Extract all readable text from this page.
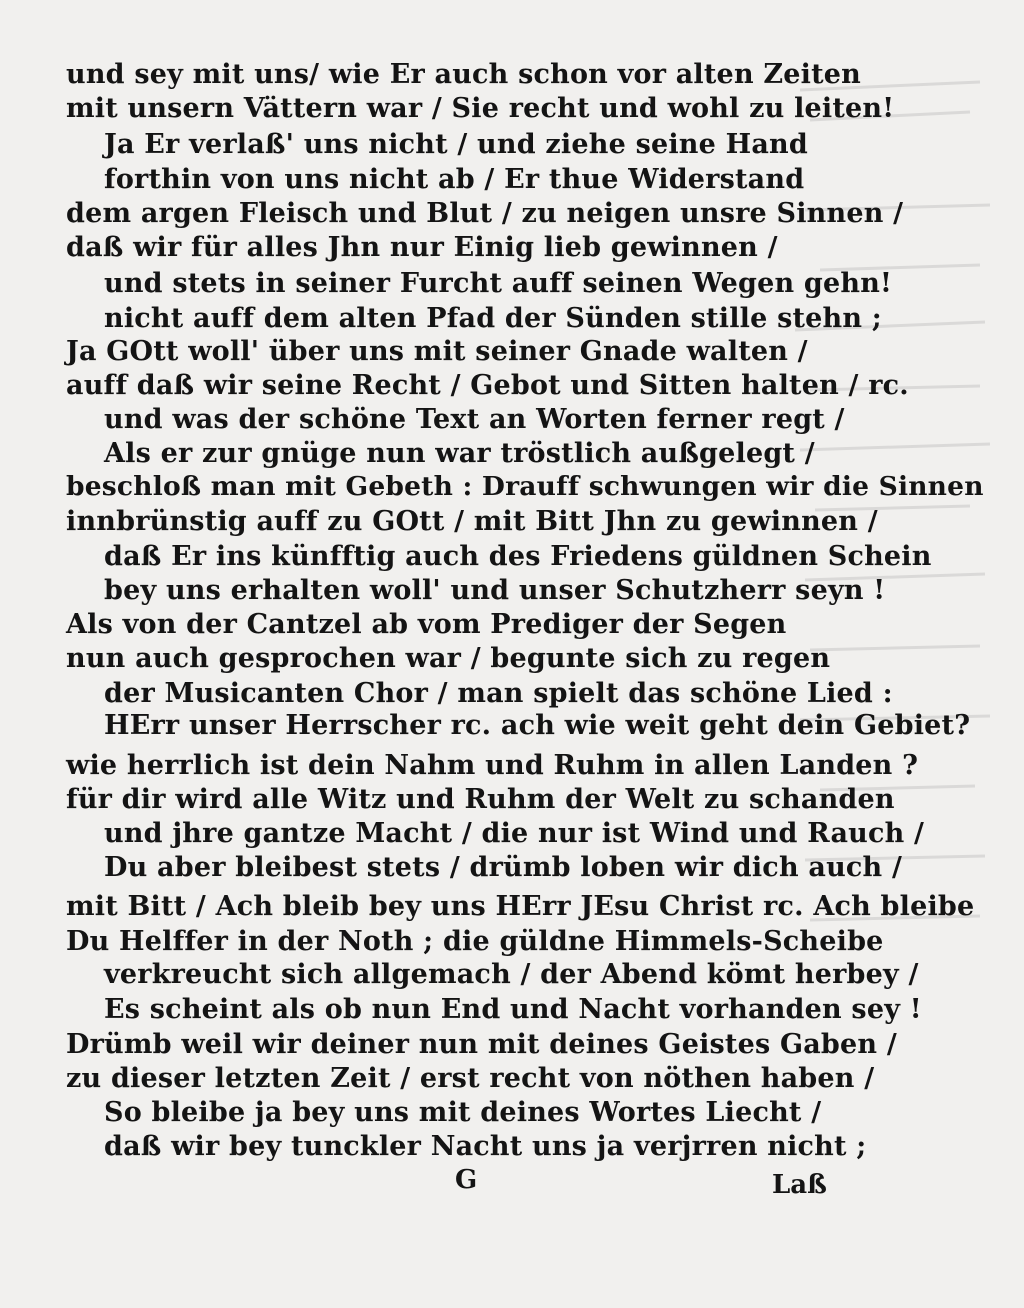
und sey mit uns/ wie Er auch schon vor alten Zeiten
mit unsern Vättern war / Sie recht und wohl zu leiten!
Ja Er verlaß' uns nicht / und ziehe seine Hand
forthin von uns nicht ab / Er thue Widerstand
dem argen Fleisch und Blut / zu neigen unsre Sinnen /
daß wir für alles Jhn nur Einig lieb gewinnen /
und stets in seiner Furcht auff seinen Wegen gehn!
nicht auff dem alten Pfad der Sünden stille stehn ;
Ja GOtt woll' über uns mit seiner Gnade walten /
auff daß wir seine Recht / Gebot und Sitten halten / rc.
und was der schöne Text an Worten ferner regt /
Als er zur gnüge nun war tröstlich außgelegt /
beschloß man mit Gebeth : Drauff schwungen wir die Sinnen
innbrünstig auff zu GOtt / mit Bitt Jhn zu gewinnen /
daß Er ins künfftig auch des Friedens güldnen Schein
bey uns erhalten woll' und unser Schutzherr seyn !
Als von der Cantzel ab vom Prediger der Segen
nun auch gesprochen war / begunte sich zu regen
der Musicanten Chor / man spielt das schöne Lied :
HErr unser Herrscher rc. ach wie weit geht dein Gebiet?
wie herrlich ist dein Nahm und Ruhm in allen Landen ?
für dir wird alle Witz und Ruhm der Welt zu schanden
und jhre gantze Macht / die nur ist Wind und Rauch /
Du aber bleibest stets / drümb loben wir dich auch /
mit Bitt / Ach bleib bey uns HErr JEsu Christ rc. Ach bleibe
Du Helffer in der Noth ; die güldne Himmels-Scheibe
verkreucht sich allgemach / der Abend kömt herbey /
Es scheint als ob nun End und Nacht vorhanden sey !
Drümb weil wir deiner nun mit deines Geistes Gaben /
zu dieser letzten Zeit / erst recht von nöthen haben /
So bleibe ja bey uns mit deines Wortes Liecht /
daß wir bey tunckler Nacht uns ja verjrren nicht ;
G	Laß
